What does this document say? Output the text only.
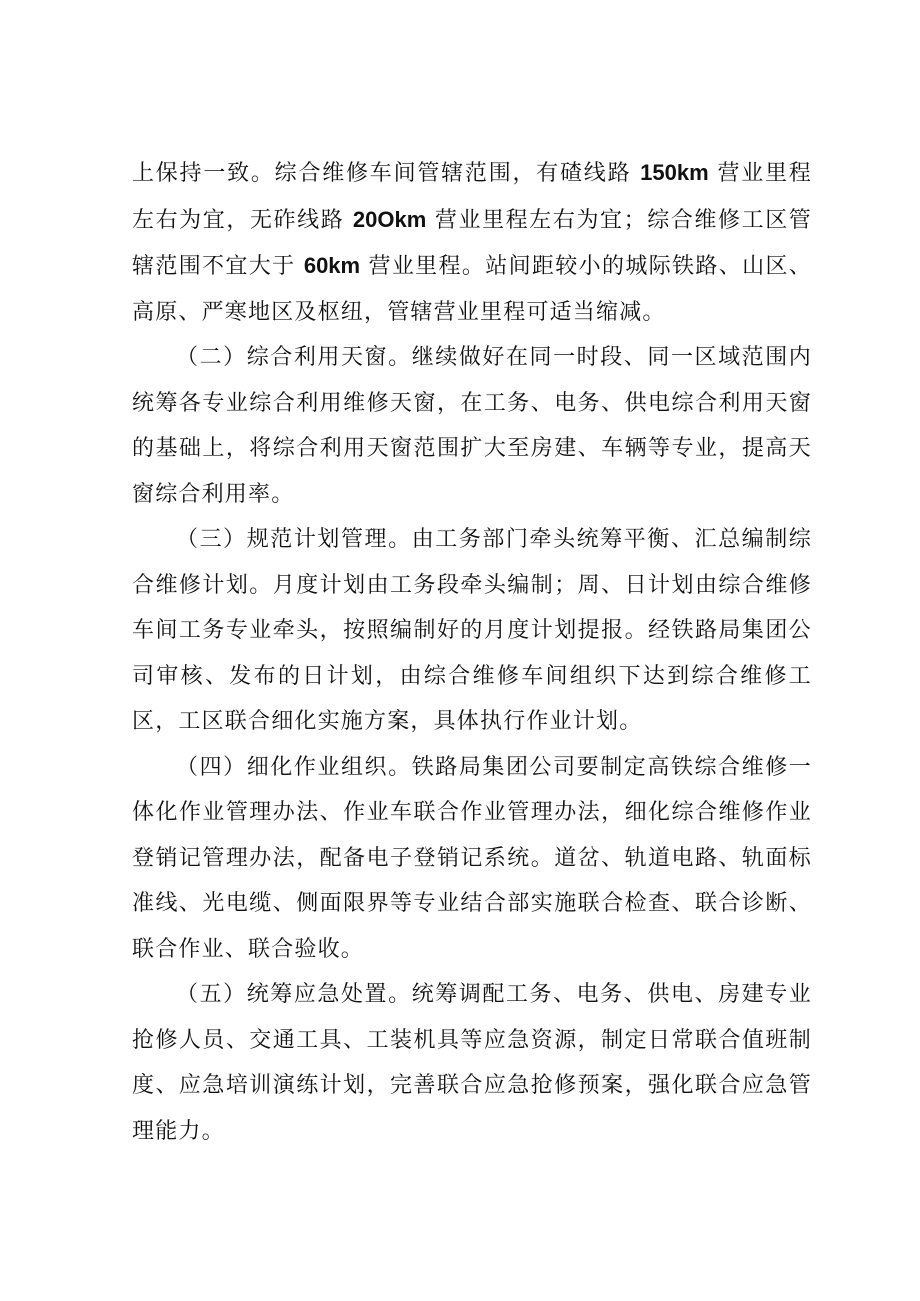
上保持一致。综合维修车间管辖范围，有碴线路 150km 营业里程左右为宜，无砟线路 20Okm 营业里程左右为宜；综合维修工区管辖范围不宜大于 60km 营业里程。站间距较小的城际铁路、山区、高原、严寒地区及枢纽，管辖营业里程可适当缩减。

（二）综合利用天窗。继续做好在同一时段、同一区域范围内统筹各专业综合利用维修天窗，在工务、电务、供电综合利用天窗的基础上，将综合利用天窗范围扩大至房建、车辆等专业，提高天窗综合利用率。

（三）规范计划管理。由工务部门牵头统筹平衡、汇总编制综合维修计划。月度计划由工务段牵头编制；周、日计划由综合维修车间工务专业牵头，按照编制好的月度计划提报。经铁路局集团公司审核、发布的日计划，由综合维修车间组织下达到综合维修工区，工区联合细化实施方案，具体执行作业计划。

（四）细化作业组织。铁路局集团公司要制定高铁综合维修一体化作业管理办法、作业车联合作业管理办法，细化综合维修作业登销记管理办法，配备电子登销记系统。道岔、轨道电路、轨面标准线、光电缆、侧面限界等专业结合部实施联合检查、联合诊断、联合作业、联合验收。

（五）统筹应急处置。统筹调配工务、电务、供电、房建专业抢修人员、交通工具、工装机具等应急资源，制定日常联合值班制度、应急培训演练计划，完善联合应急抢修预案，强化联合应急管理能力。
